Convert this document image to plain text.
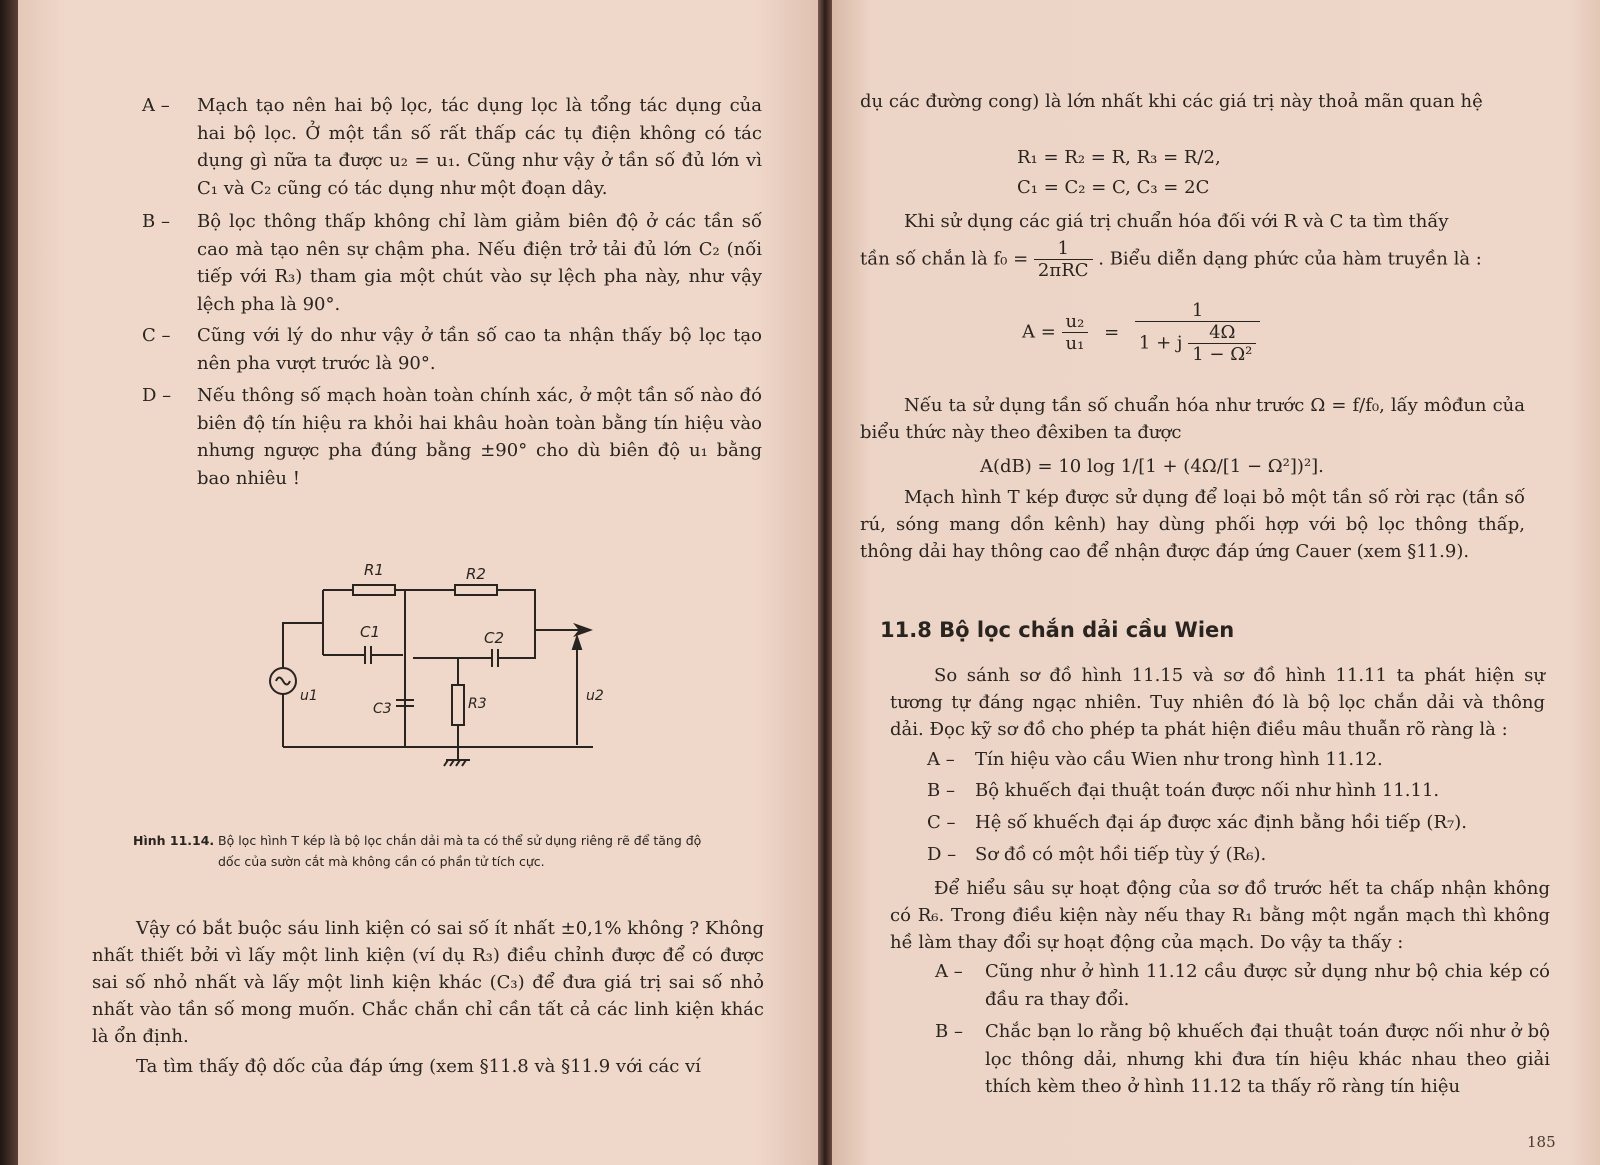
A –	Mạch tạo nên hai bộ lọc, tác dụng lọc là tổng tác dụng của hai bộ lọc. Ở một tần số rất thấp các tụ điện không có tác dụng gì nữa ta được u₂ = u₁. Cũng như vậy ở tần số đủ lớn vì C₁ và C₂ cũng có tác dụng như một đoạn dây.
B –	Bộ lọc thông thấp không chỉ làm giảm biên độ ở các tần số cao mà tạo nên sự chậm pha. Nếu điện trở tải đủ lớn C₂ (nối tiếp với R₃) tham gia một chút vào sự lệch pha này, như vậy lệch pha là 90°.
C –	Cũng với lý do như vậy ở tần số cao ta nhận thấy bộ lọc tạo nên pha vượt trước là 90°.
D –	Nếu thông số mạch hoàn toàn chính xác, ở một tần số nào đó biên độ tín hiệu ra khỏi hai khâu hoàn toàn bằng tín hiệu vào nhưng ngược pha đúng bằng ±90° cho dù biên độ u₁ bằng bao nhiêu !
R1	R2
C1	C2
C3	R3
u1	u2
Hình 11.14. Bộ lọc hình T kép là bộ lọc chắn dải mà ta có thể sử dụng riêng rẽ để tăng độ dốc của sườn cắt mà không cần có phần tử tích cực.
Vậy có bắt buộc sáu linh kiện có sai số ít nhất ±0,1% không ? Không nhất thiết bởi vì lấy một linh kiện (ví dụ R₃) điều chỉnh được để có được sai số nhỏ nhất và lấy một linh kiện khác (C₃) để đưa giá trị sai số nhỏ nhất vào tần số mong muốn. Chắc chắn chỉ cần tất cả các linh kiện khác là ổn định.
Ta tìm thấy độ dốc của đáp ứng (xem §11.8 và §11.9 với các ví
dụ các đường cong) là lớn nhất khi các giá trị này thoả mãn quan hệ
R₁ = R₂ = R, R₃ = R/2,
C₁ = C₂ = C, C₃ = 2C
Khi sử dụng các giá trị chuẩn hóa đối với R và C ta tìm thấy
tần số chắn là $f_0 = \frac{1}{\text{2πRC}}$ . Biểu diễn dạng phức của hàm truyền là :
$A = \frac{\text{u₂}}{\text{u₁}} = \frac{1}{1 + j \frac{4\Omega}{\text{1 − Ω²}}}$
Nếu ta sử dụng tần số chuẩn hóa như trước Ω = f/f₀, lấy môđun của biểu thức này theo đêxiben ta được
A(dB) = 10 log 1/[1 + (4Ω/[1 − Ω²])²].
Mạch hình T kép được sử dụng để loại bỏ một tần số rời rạc (tần số rú, sóng mang dồn kênh) hay dùng phối hợp với bộ lọc thông thấp, thông dải hay thông cao để nhận được đáp ứng Cauer (xem §11.9).
11.8 Bộ lọc chắn dải cầu Wien
So sánh sơ đồ hình 11.15 và sơ đồ hình 11.11 ta phát hiện sự tương tự đáng ngạc nhiên. Tuy nhiên đó là bộ lọc chắn dải và thông dải. Đọc kỹ sơ đồ cho phép ta phát hiện điều mâu thuẫn rõ ràng là :
A –	Tín hiệu vào cầu Wien như trong hình 11.12.
B –	Bộ khuếch đại thuật toán được nối như hình 11.11.
C –	Hệ số khuếch đại áp được xác định bằng hồi tiếp (R₇).
D –	Sơ đồ có một hồi tiếp tùy ý (R₆).
Để hiểu sâu sự hoạt động của sơ đồ trước hết ta chấp nhận không có R₆. Trong điều kiện này nếu thay R₁ bằng một ngắn mạch thì không hề làm thay đổi sự hoạt động của mạch. Do vậy ta thấy :
A –	Cũng như ở hình 11.12 cầu được sử dụng như bộ chia kép có đầu ra thay đổi.
B –	Chắc bạn lo rằng bộ khuếch đại thuật toán được nối như ở bộ lọc thông dải, nhưng khi đưa tín hiệu khác nhau theo giải thích kèm theo ở hình 11.12 ta thấy rõ ràng tín hiệu
185
